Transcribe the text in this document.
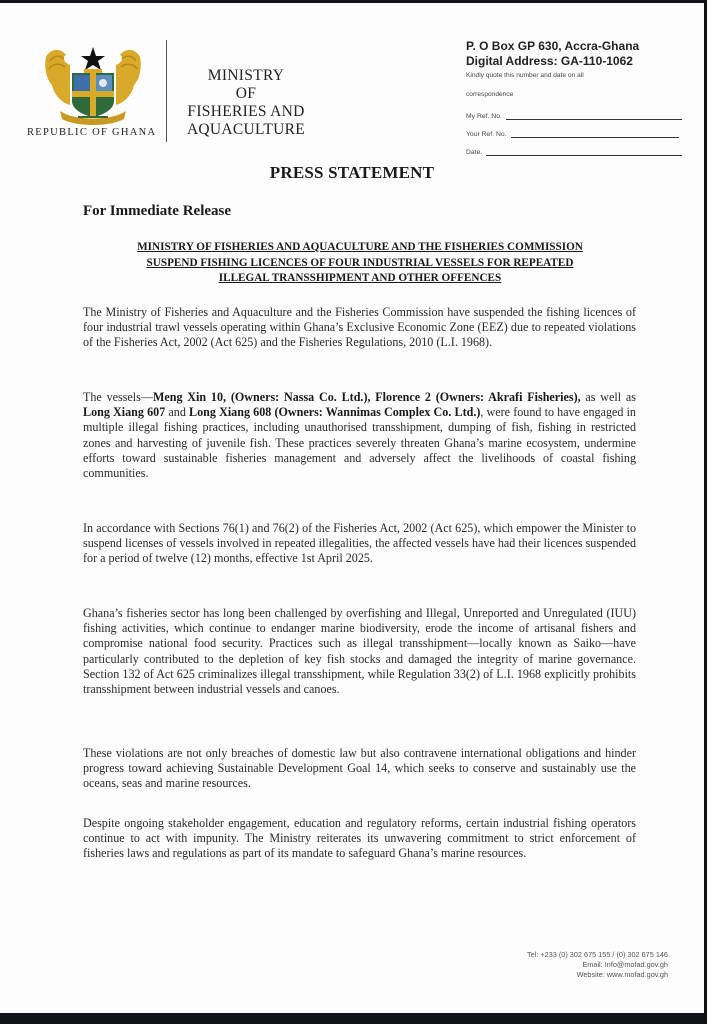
REPUBLIC OF GHANA
MINISTRY
OF
FISHERIES AND
AQUACULTURE
P. O Box GP 630, Accra-Ghana
Digital Address: GA-110-1062
Kindly quote this number and date on all
correspondence
My Ref. No.
Your Ref. No.
Date.
PRESS STATEMENT
For Immediate Release
MINISTRY OF FISHERIES AND AQUACULTURE AND THE FISHERIES COMMISSION
SUSPEND FISHING LICENCES OF FOUR INDUSTRIAL VESSELS FOR REPEATED
ILLEGAL TRANSSHIPMENT AND OTHER OFFENCES

The Ministry of Fisheries and Aquaculture and the Fisheries Commission have suspended the fishing licences of four industrial trawl vessels operating within Ghana’s Exclusive Economic Zone (EEZ) due to repeated violations of the Fisheries Act, 2002 (Act 625) and the Fisheries Regulations, 2010 (L.I. 1968).

The vessels—Meng Xin 10, (Owners: Nassa Co. Ltd.), Florence 2 (Owners: Akrafi Fisheries), as well as Long Xiang 607 and Long Xiang 608 (Owners: Wannimas Complex Co. Ltd.), were found to have engaged in multiple illegal fishing practices, including unauthorised transshipment, dumping of fish, fishing in restricted zones and harvesting of juvenile fish. These practices severely threaten Ghana’s marine ecosystem, undermine efforts toward sustainable fisheries management and adversely affect the livelihoods of coastal fishing communities.

In accordance with Sections 76(1) and 76(2) of the Fisheries Act, 2002 (Act 625), which empower the Minister to suspend licenses of vessels involved in repeated illegalities, the affected vessels have had their licences suspended for a period of twelve (12) months, effective 1st April 2025.

Ghana’s fisheries sector has long been challenged by overfishing and Illegal, Unreported and Unregulated (IUU) fishing activities, which continue to endanger marine biodiversity, erode the income of artisanal fishers and compromise national food security. Practices such as illegal transshipment—locally known as Saiko—have particularly contributed to the depletion of key fish stocks and damaged the integrity of marine governance. Section 132 of Act 625 criminalizes illegal transshipment, while Regulation 33(2) of L.I. 1968 explicitly prohibits transshipment between industrial vessels and canoes.

These violations are not only breaches of domestic law but also contravene international obligations and hinder progress toward achieving Sustainable Development Goal 14, which seeks to conserve and sustainably use the oceans, seas and marine resources.

Despite ongoing stakeholder engagement, education and regulatory reforms, certain industrial fishing operators continue to act with impunity. The Ministry reiterates its unwavering commitment to strict enforcement of fisheries laws and regulations as part of its mandate to safeguard Ghana’s marine resources.

Tel: +233 (0) 302 675 155 / (0) 302 675 146
Email: Info@mofad.gov.gh
Website: www.mofad.gov.gh
